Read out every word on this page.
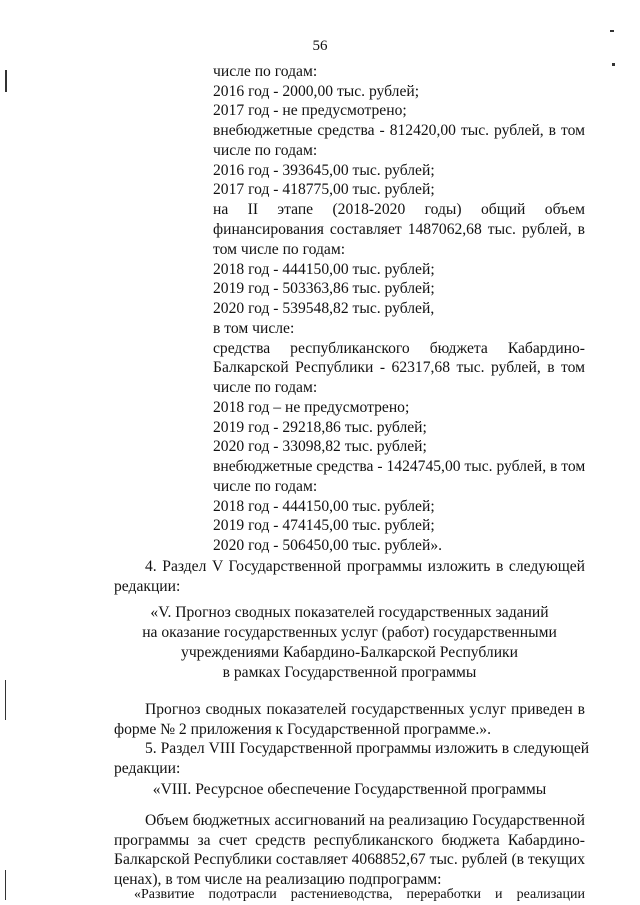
56
числе по годам:
2016 год - 2000,00 тыс. рублей;
2017 год - не предусмотрено;
внебюджетные средства - 812420,00 тыс. рублей, в том
числе по годам:
2016 год - 393645,00 тыс. рублей;
2017 год - 418775,00 тыс. рублей;
на II этапе (2018-2020 годы) общий объем
финансирования составляет 1487062,68 тыс. рублей, в
том числе по годам:
2018 год - 444150,00 тыс. рублей;
2019 год - 503363,86 тыс. рублей;
2020 год - 539548,82 тыс. рублей,
в том числе:
средства республиканского бюджета Кабардино-
Балкарской Республики - 62317,68 тыс. рублей, в том
числе по годам:
2018 год – не предусмотрено;
2019 год - 29218,86 тыс. рублей;
2020 год - 33098,82 тыс. рублей;
внебюджетные средства - 1424745,00 тыс. рублей, в том
числе по годам:
2018 год - 444150,00 тыс. рублей;
2019 год - 474145,00 тыс. рублей;
2020 год - 506450,00 тыс. рублей».
4. Раздел V Государственной программы изложить в следующей
редакции:
«V. Прогноз сводных показателей государственных заданий
на оказание государственных услуг (работ) государственными
учреждениями Кабардино-Балкарской Республики
в рамках Государственной программы
Прогноз сводных показателей государственных услуг приведен в
форме № 2 приложения к Государственной программе.».
5. Раздел VIII Государственной программы изложить в следующей
редакции:
«VIII. Ресурсное обеспечение Государственной программы
Объем бюджетных ассигнований на реализацию Государственной
программы за счет средств республиканского бюджета Кабардино-
Балкарской Республики составляет 4068852,67 тыс. рублей (в текущих
ценах), в том числе на реализацию подпрограмм:
«Развитие подотрасли растениеводства, переработки и реализации
